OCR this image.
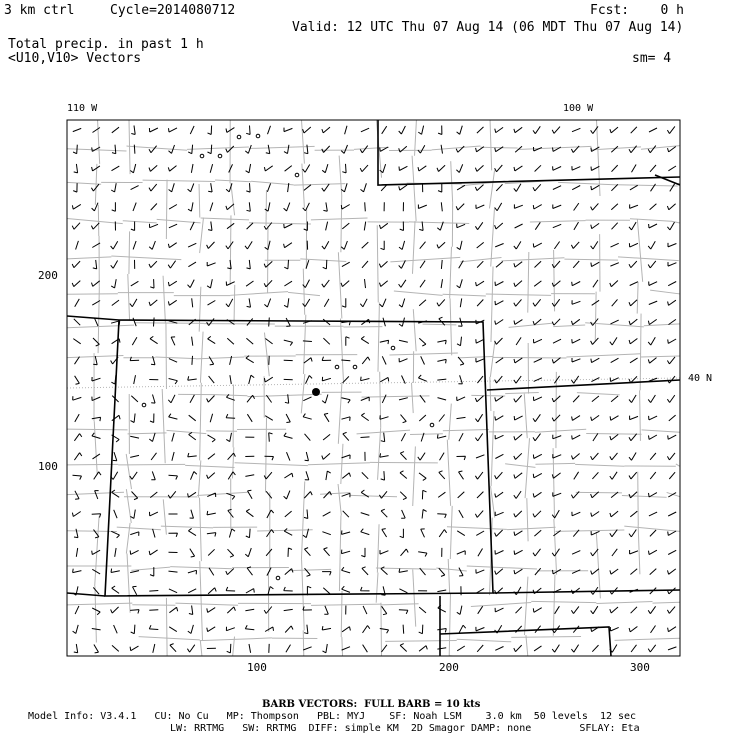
3 km ctrl	Cycle=2014080712	Fcst:    0 h
Valid: 12 UTC Thu 07 Aug 14 (06 MDT Thu 07 Aug 14)
Total precip. in past 1 h
<U10,V10> Vectors	sm= 4
110 W	100 W
40 N
200
100
100	200	300
BARB VECTORS:  FULL BARB = 10 kts
Model Info: V3.4.1   CU: No Cu   MP: Thompson   PBL: MYJ    SF: Noah LSM    3.0 km  50 levels  12 sec
LW: RRTMG   SW: RRTMG  DIFF: simple KM  2D Smagor DAMP: none        SFLAY: Eta
